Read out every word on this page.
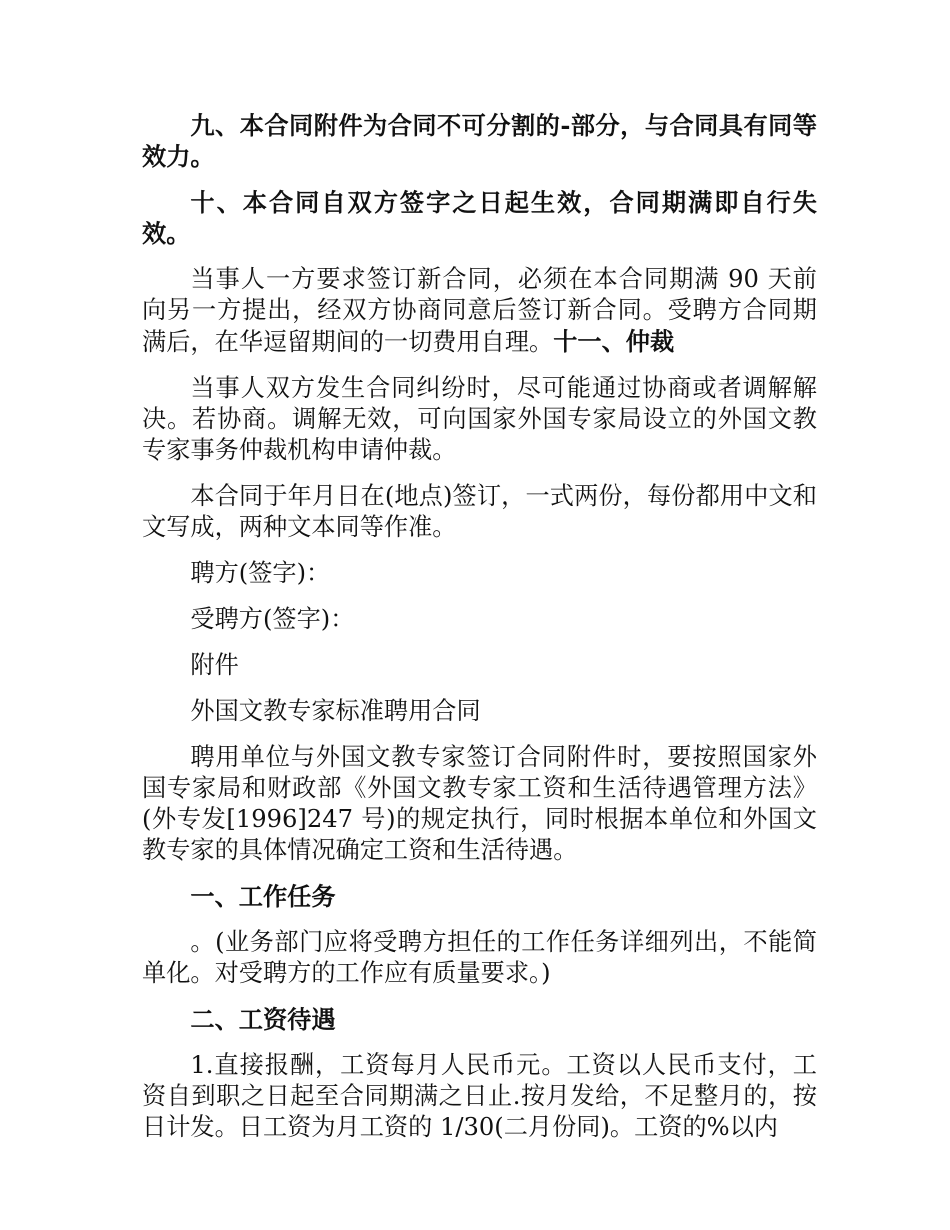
九、本合同附件为合同不可分割的-部分，与合同具有同等效力。

十、本合同自双方签字之日起生效，合同期满即自行失效。

当事人一方要求签订新合同，必须在本合同期满 90 天前向另一方提出，经双方协商同意后签订新合同。受聘方合同期满后，在华逗留期间的一切费用自理。十一、仲裁

当事人双方发生合同纠纷时，尽可能通过协商或者调解解决。若协商。调解无效，可向国家外国专家局设立的外国文教专家事务仲裁机构申请仲裁。

本合同于年月日在(地点)签订，一式两份，每份都用中文和文写成，两种文本同等作准。

聘方(签字)：

受聘方(签字)：

附件

外国文教专家标准聘用合同

聘用单位与外国文教专家签订合同附件时，要按照国家外国专家局和财政部《外国文教专家工资和生活待遇管理方法》(外专发[1996]247 号)的规定执行，同时根据本单位和外国文教专家的具体情况确定工资和生活待遇。

一、工作任务

。(业务部门应将受聘方担任的工作任务详细列出，不能简单化。对受聘方的工作应有质量要求。)

二、工资待遇

1.直接报酬，工资每月人民币元。工资以人民币支付，工资自到职之日起至合同期满之日止.按月发给，不足整月的，按日计发。日工资为月工资的 1/30(二月份同)。工资的%以内
